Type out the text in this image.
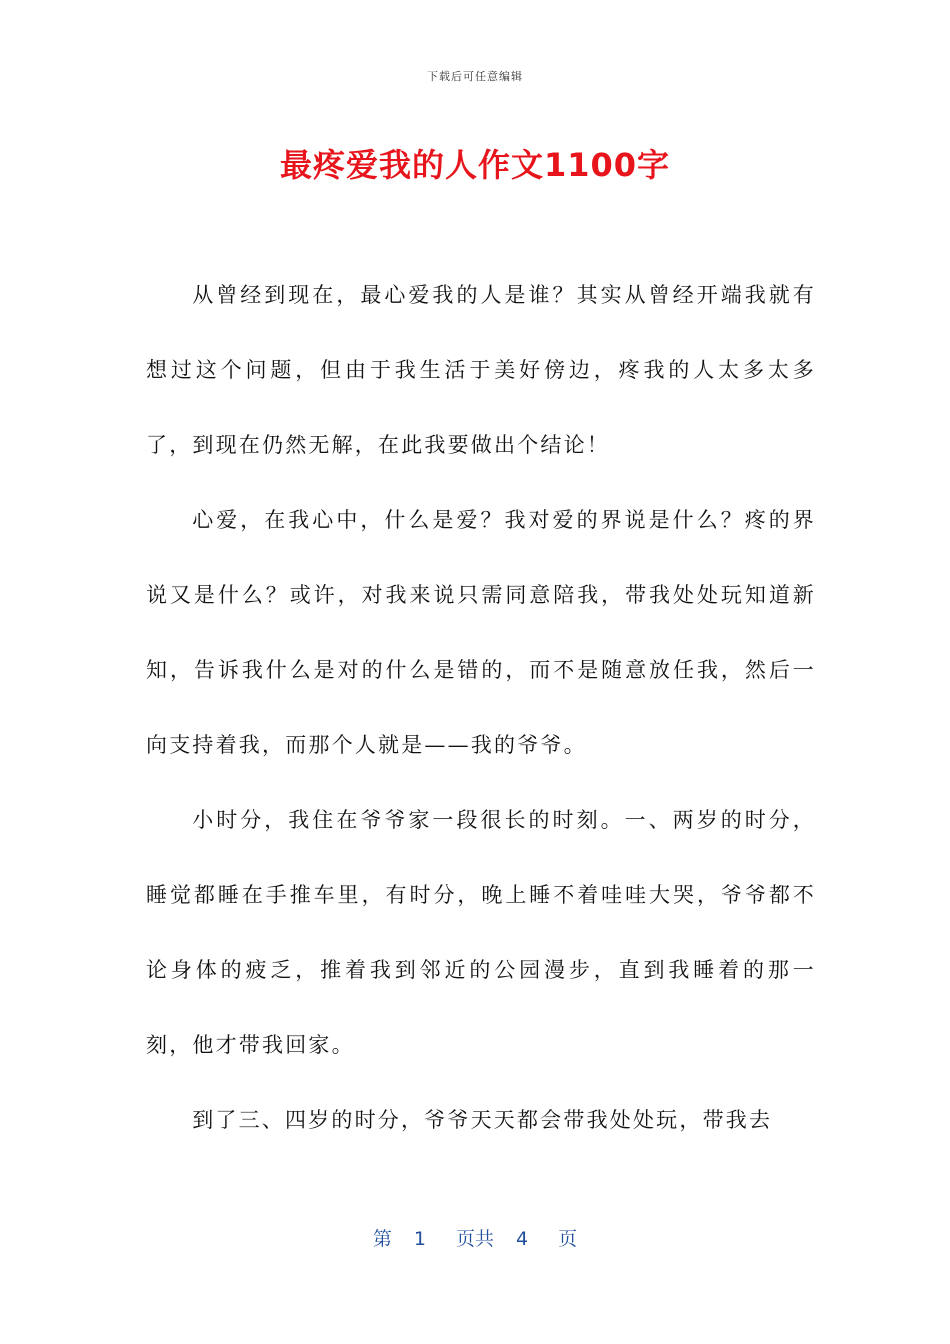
下载后可任意编辑
最疼爱我的人作文1100字

从曾经到现在，最心爱我的人是谁？其实从曾经开端我就有想过这个问题，但由于我生活于美好傍边，疼我的人太多太多了，到现在仍然无解，在此我要做出个结论！

心爱，在我心中，什么是爱？我对爱的界说是什么？疼的界说又是什么？或许，对我来说只需同意陪我，带我处处玩知道新知，告诉我什么是对的什么是错的，而不是随意放任我，然后一向支持着我，而那个人就是——我的爷爷。

小时分，我住在爷爷家一段很长的时刻。一、两岁的时分，睡觉都睡在手推车里，有时分，晚上睡不着哇哇大哭，爷爷都不论身体的疲乏，推着我到邻近的公园漫步，直到我睡着的那一刻，他才带我回家。

到了三、四岁的时分，爷爷天天都会带我处处玩，带我去

第 1 页共 4 页
